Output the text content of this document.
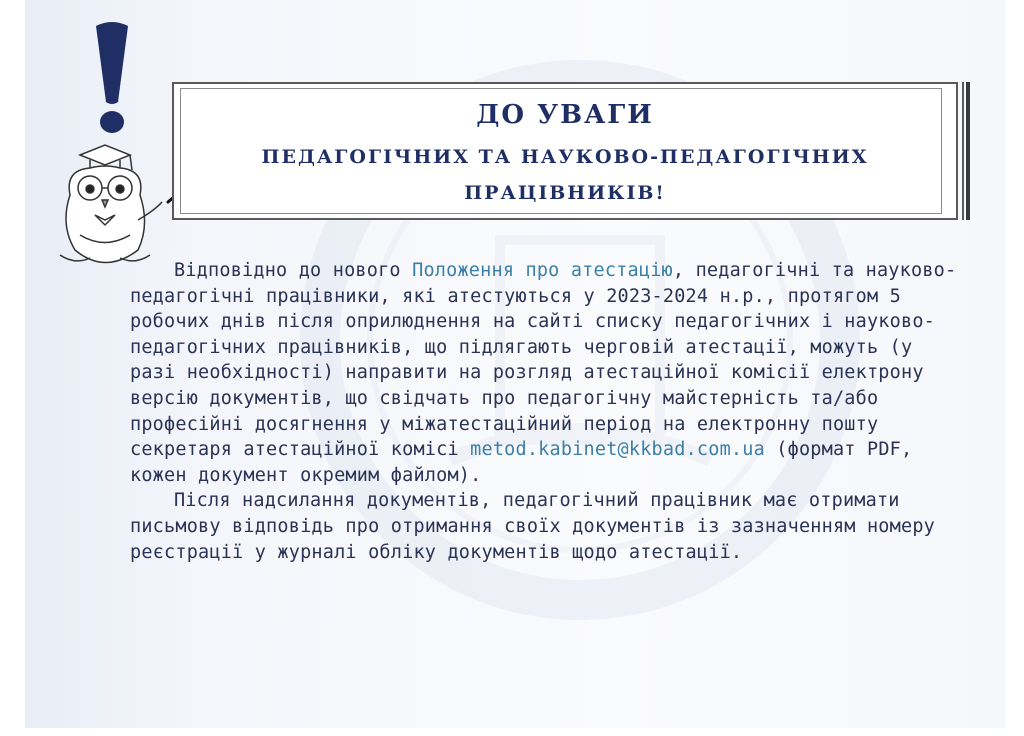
ДО УВАГИ
ПЕДАГОГІЧНИХ ТА НАУКОВО-ПЕДАГОГІЧНИХ
ПРАЦІВНИКІВ!

Відповідно до нового Положення про атестацію, педагогічні та науково-педагогічні працівники, які атестуються у 2023-2024 н.р., протягом 5 робочих днів після оприлюднення на сайті списку педагогічних і науково-педагогічних працівників, що підлягають черговій атестації, можуть (у разі необхідності) направити на розгляд атестаційної комісії електрону версію документів, що свідчать про педагогічну майстерність та/або професійні досягнення у міжатестаційний період на електронну пошту секретаря атестаційної комісі metod.kabinet@kkbad.com.ua (формат PDF, кожен документ окремим файлом).

Після надсилання документів, педагогічний працівник має отримати письмову відповідь про отримання своїх документів із зазначенням номеру реєстрації у журналі обліку документів щодо атестації.
